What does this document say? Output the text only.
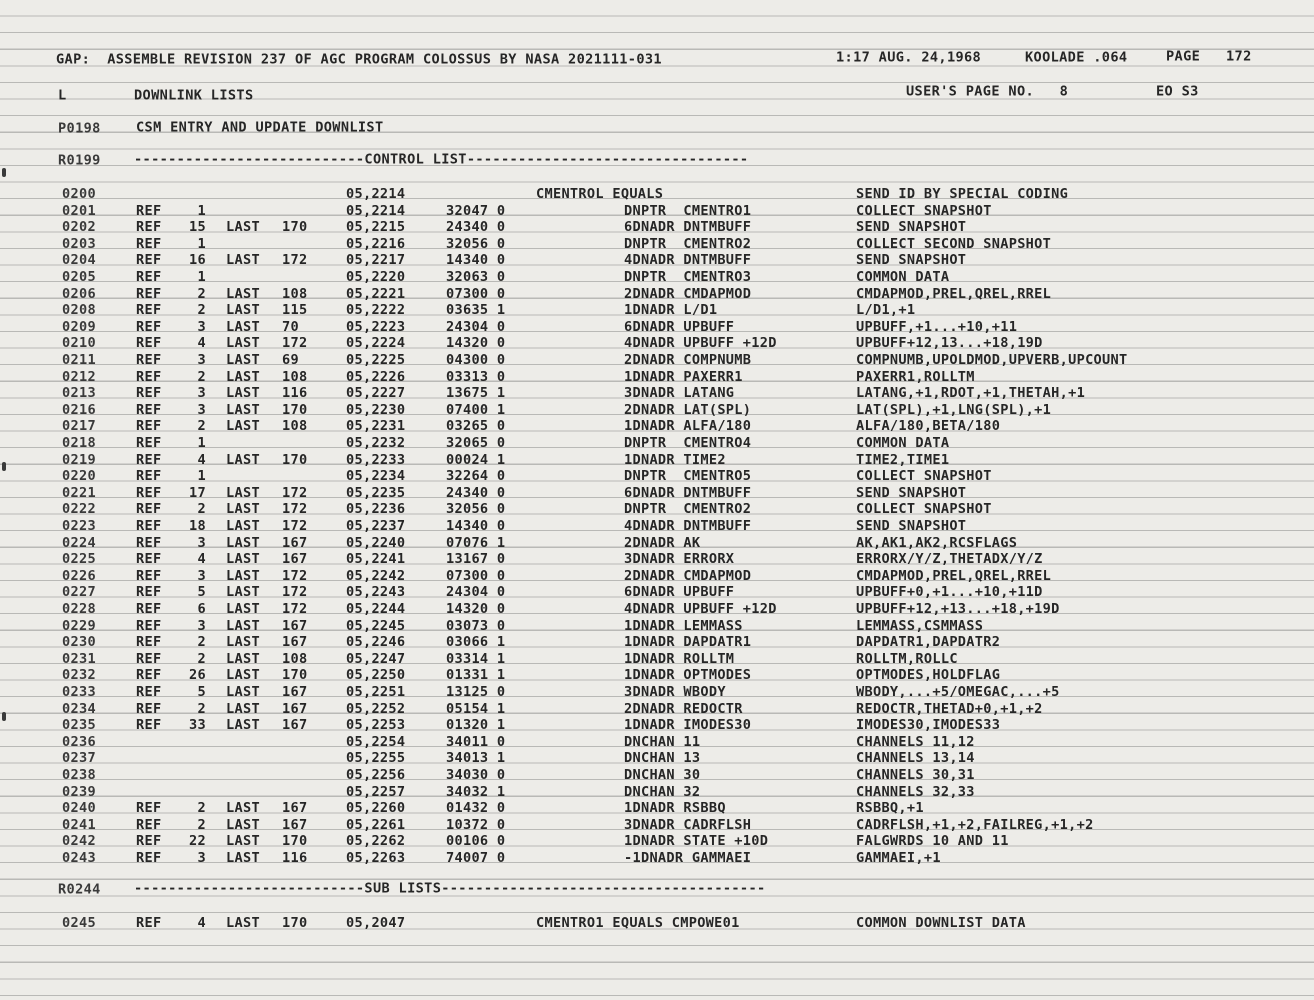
GAP:  ASSEMBLE REVISION 237 OF AGC PROGRAM COLOSSUS BY NASA 2021111-031	1:17 AUG. 24,1968	KOOLADE .064	PAGE 172
L	DOWNLINK LISTS	USER'S PAGE NO.   8	EO S3
P0198	CSM ENTRY AND UPDATE DOWNLIST
R0199 ---------------------------CONTROL LIST---------------------------------
0200	05,2214	CMENTROL EQUALS	SEND ID BY SPECIAL CODING
0201	REF	1	05,2214	32047 0	DNPTR  CMENTRO1	COLLECT SNAPSHOT
0202	REF	15 LAST 170	05,2215	24340 0	6DNADR DNTMBUFF	SEND SNAPSHOT
0203	REF	1	05,2216	32056 0	DNPTR  CMENTRO2	COLLECT SECOND SNAPSHOT
0204	REF	16 LAST 172	05,2217	14340 0	4DNADR DNTMBUFF	SEND SNAPSHOT
0205	REF	1	05,2220	32063 0	DNPTR  CMENTRO3	COMMON DATA
0206	REF	2 LAST 108	05,2221	07300 0	2DNADR CMDAPMOD	CMDAPMOD,PREL,QREL,RREL
0208	REF	2 LAST 115	05,2222	03635 1	1DNADR L/D1	L/D1,+1
0209	REF	3 LAST 70	05,2223	24304 0	6DNADR UPBUFF	UPBUFF,+1...+10,+11
0210	REF	4 LAST 172	05,2224	14320 0	4DNADR UPBUFF +12D	UPBUFF+12,13...+18,19D
0211	REF	3 LAST 69	05,2225	04300 0	2DNADR COMPNUMB	COMPNUMB,UPOLDMOD,UPVERB,UPCOUNT
0212	REF	2 LAST 108	05,2226	03313 0	1DNADR PAXERR1	PAXERR1,ROLLTM
0213	REF	3 LAST 116	05,2227	13675 1	3DNADR LATANG	LATANG,+1,RDOT,+1,THETAH,+1
0216	REF	3 LAST 170	05,2230	07400 1	2DNADR LAT(SPL)	LAT(SPL),+1,LNG(SPL),+1
0217	REF	2 LAST 108	05,2231	03265 0	1DNADR ALFA/180	ALFA/180,BETA/180
0218	REF	1	05,2232	32065 0	DNPTR  CMENTRO4	COMMON DATA
0219	REF	4 LAST 170	05,2233	00024 1	1DNADR TIME2	TIME2,TIME1
0220	REF	1	05,2234	32264 0	DNPTR  CMENTRO5	COLLECT SNAPSHOT
0221	REF	17 LAST 172	05,2235	24340 0	6DNADR DNTMBUFF	SEND SNAPSHOT
0222	REF	2 LAST 172	05,2236	32056 0	DNPTR  CMENTRO2	COLLECT SNAPSHOT
0223	REF	18 LAST 172	05,2237	14340 0	4DNADR DNTMBUFF	SEND SNAPSHOT
0224	REF	3 LAST 167	05,2240	07076 1	2DNADR AK	AK,AK1,AK2,RCSFLAGS
0225	REF	4 LAST 167	05,2241	13167 0	3DNADR ERRORX	ERRORX/Y/Z,THETADX/Y/Z
0226	REF	3 LAST 172	05,2242	07300 0	2DNADR CMDAPMOD	CMDAPMOD,PREL,QREL,RREL
0227	REF	5 LAST 172	05,2243	24304 0	6DNADR UPBUFF	UPBUFF+0,+1...+10,+11D
0228	REF	6 LAST 172	05,2244	14320 0	4DNADR UPBUFF +12D	UPBUFF+12,+13...+18,+19D
0229	REF	3 LAST 167	05,2245	03073 0	1DNADR LEMMASS	LEMMASS,CSMMASS
0230	REF	2 LAST 167	05,2246	03066 1	1DNADR DAPDATR1	DAPDATR1,DAPDATR2
0231	REF	2 LAST 108	05,2247	03314 1	1DNADR ROLLTM	ROLLTM,ROLLC
0232	REF	26 LAST 170	05,2250	01331 1	1DNADR OPTMODES	OPTMODES,HOLDFLAG
0233	REF	5 LAST 167	05,2251	13125 0	3DNADR WBODY	WBODY,...+5/OMEGAC,...+5
0234	REF	2 LAST 167	05,2252	05154 1	2DNADR REDOCTR	REDOCTR,THETAD+0,+1,+2
0235	REF	33 LAST 167	05,2253	01320 1	1DNADR IMODES30	IMODES30,IMODES33
0236	05,2254	34011 0	DNCHAN 11	CHANNELS 11,12
0237	05,2255	34013 1	DNCHAN 13	CHANNELS 13,14
0238	05,2256	34030 0	DNCHAN 30	CHANNELS 30,31
0239	05,2257	34032 1	DNCHAN 32	CHANNELS 32,33
0240	REF	2 LAST 167	05,2260	01432 0	1DNADR RSBBQ	RSBBQ,+1
0241	REF	2 LAST 167	05,2261	10372 0	3DNADR CADRFLSH	CADRFLSH,+1,+2,FAILREG,+1,+2
0242	REF	22 LAST 170	05,2262	00106 0	1DNADR STATE +10D	FALGWRDS 10 AND 11
0243	REF	3 LAST 116	05,2263	74007 0	-1DNADR GAMMAEI	GAMMAEI,+1
R0244 ---------------------------SUB LISTS--------------------------------------
0245	REF	4 LAST 170	05,2047	CMENTRO1 EQUALS CMPOWE01	COMMON DOWNLIST DATA
